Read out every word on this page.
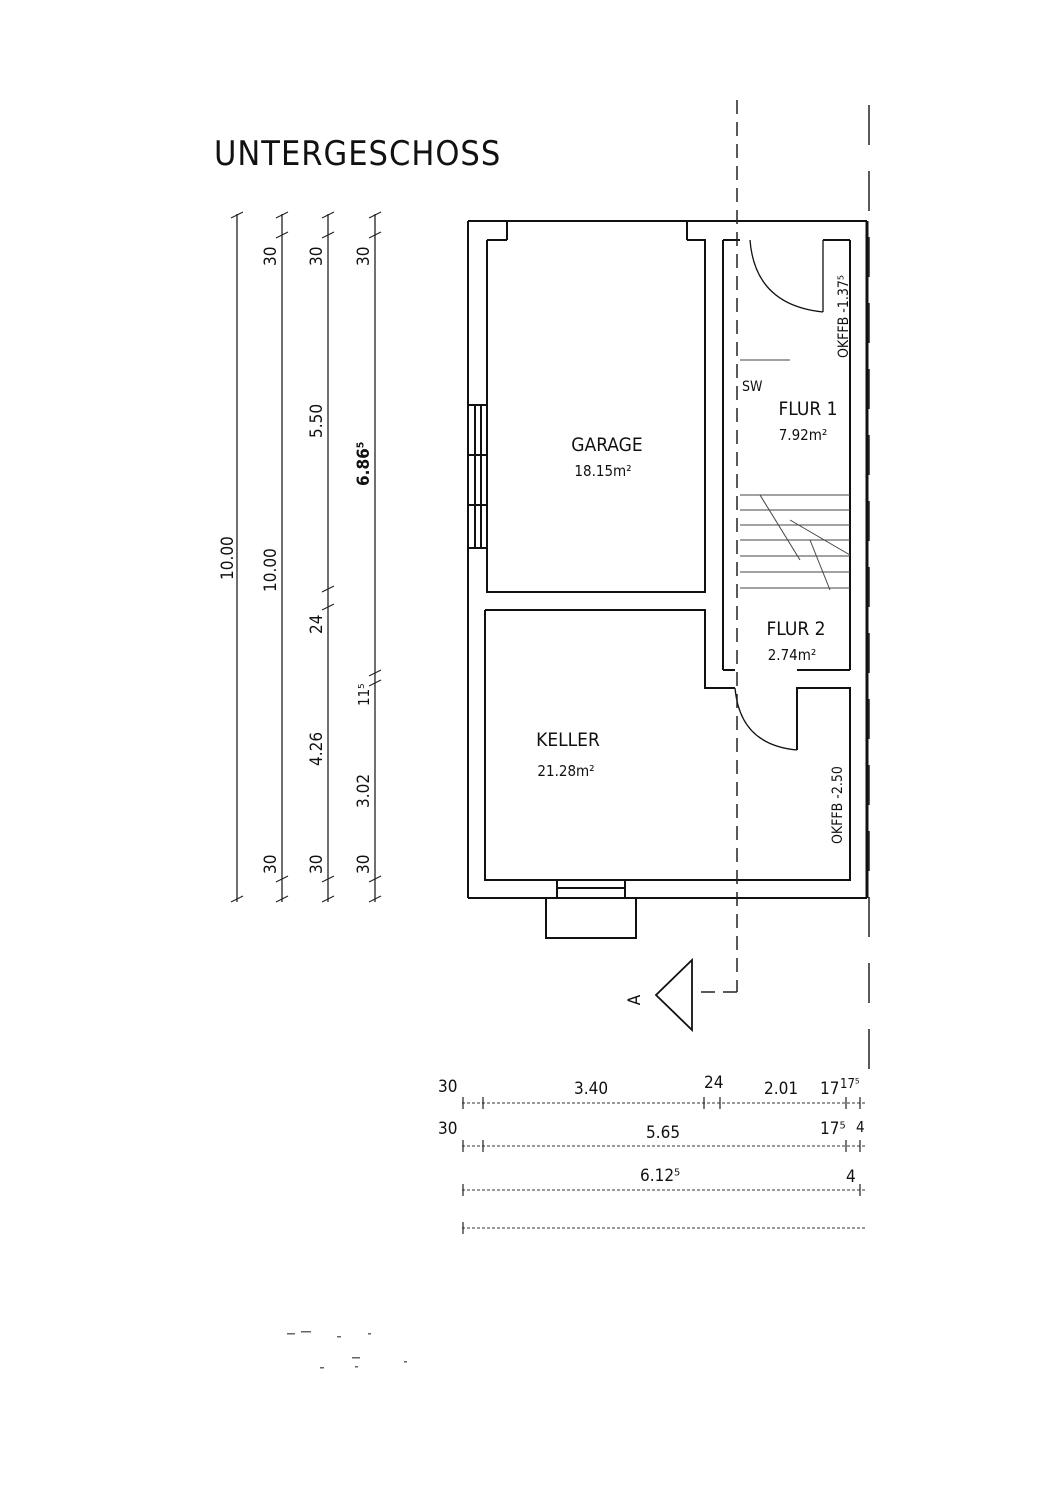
UNTERGESCHOSS
10.00
30
10.00
30
30
5.50
24
4.26
30
30
6.86⁵
11⁵
3.02
30
A
GARAGE
18.15m²
KELLER
21.28m²
FLUR 1
7.92m²
FLUR 2
2.74m²
SW
OKFFB -1.37⁵
OKFFB -2.50
30	3.40	24 2.01 17 17⁵
30	5.65	17⁵ 4
6.12⁵	4
